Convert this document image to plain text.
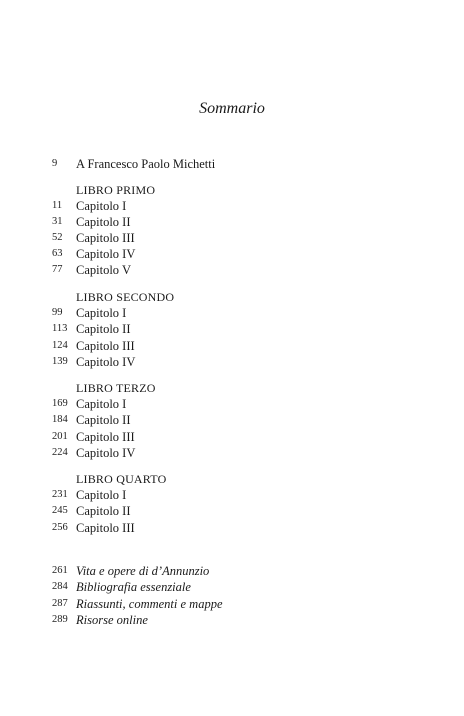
Sommario
9	A Francesco Paolo Michetti
LIBRO PRIMO
11	Capitolo I
31	Capitolo II
52	Capitolo III
63	Capitolo IV
77	Capitolo V
LIBRO SECONDO
99	Capitolo I
113 Capitolo II
124 Capitolo III
139 Capitolo IV
LIBRO TERZO
169 Capitolo I
184 Capitolo II
201 Capitolo III
224 Capitolo IV
LIBRO QUARTO
231 Capitolo I
245 Capitolo II
256 Capitolo III
261 Vita e opere di d’Annunzio
284 Bibliografia essenziale
287 Riassunti, commenti e mappe
289 Risorse online
